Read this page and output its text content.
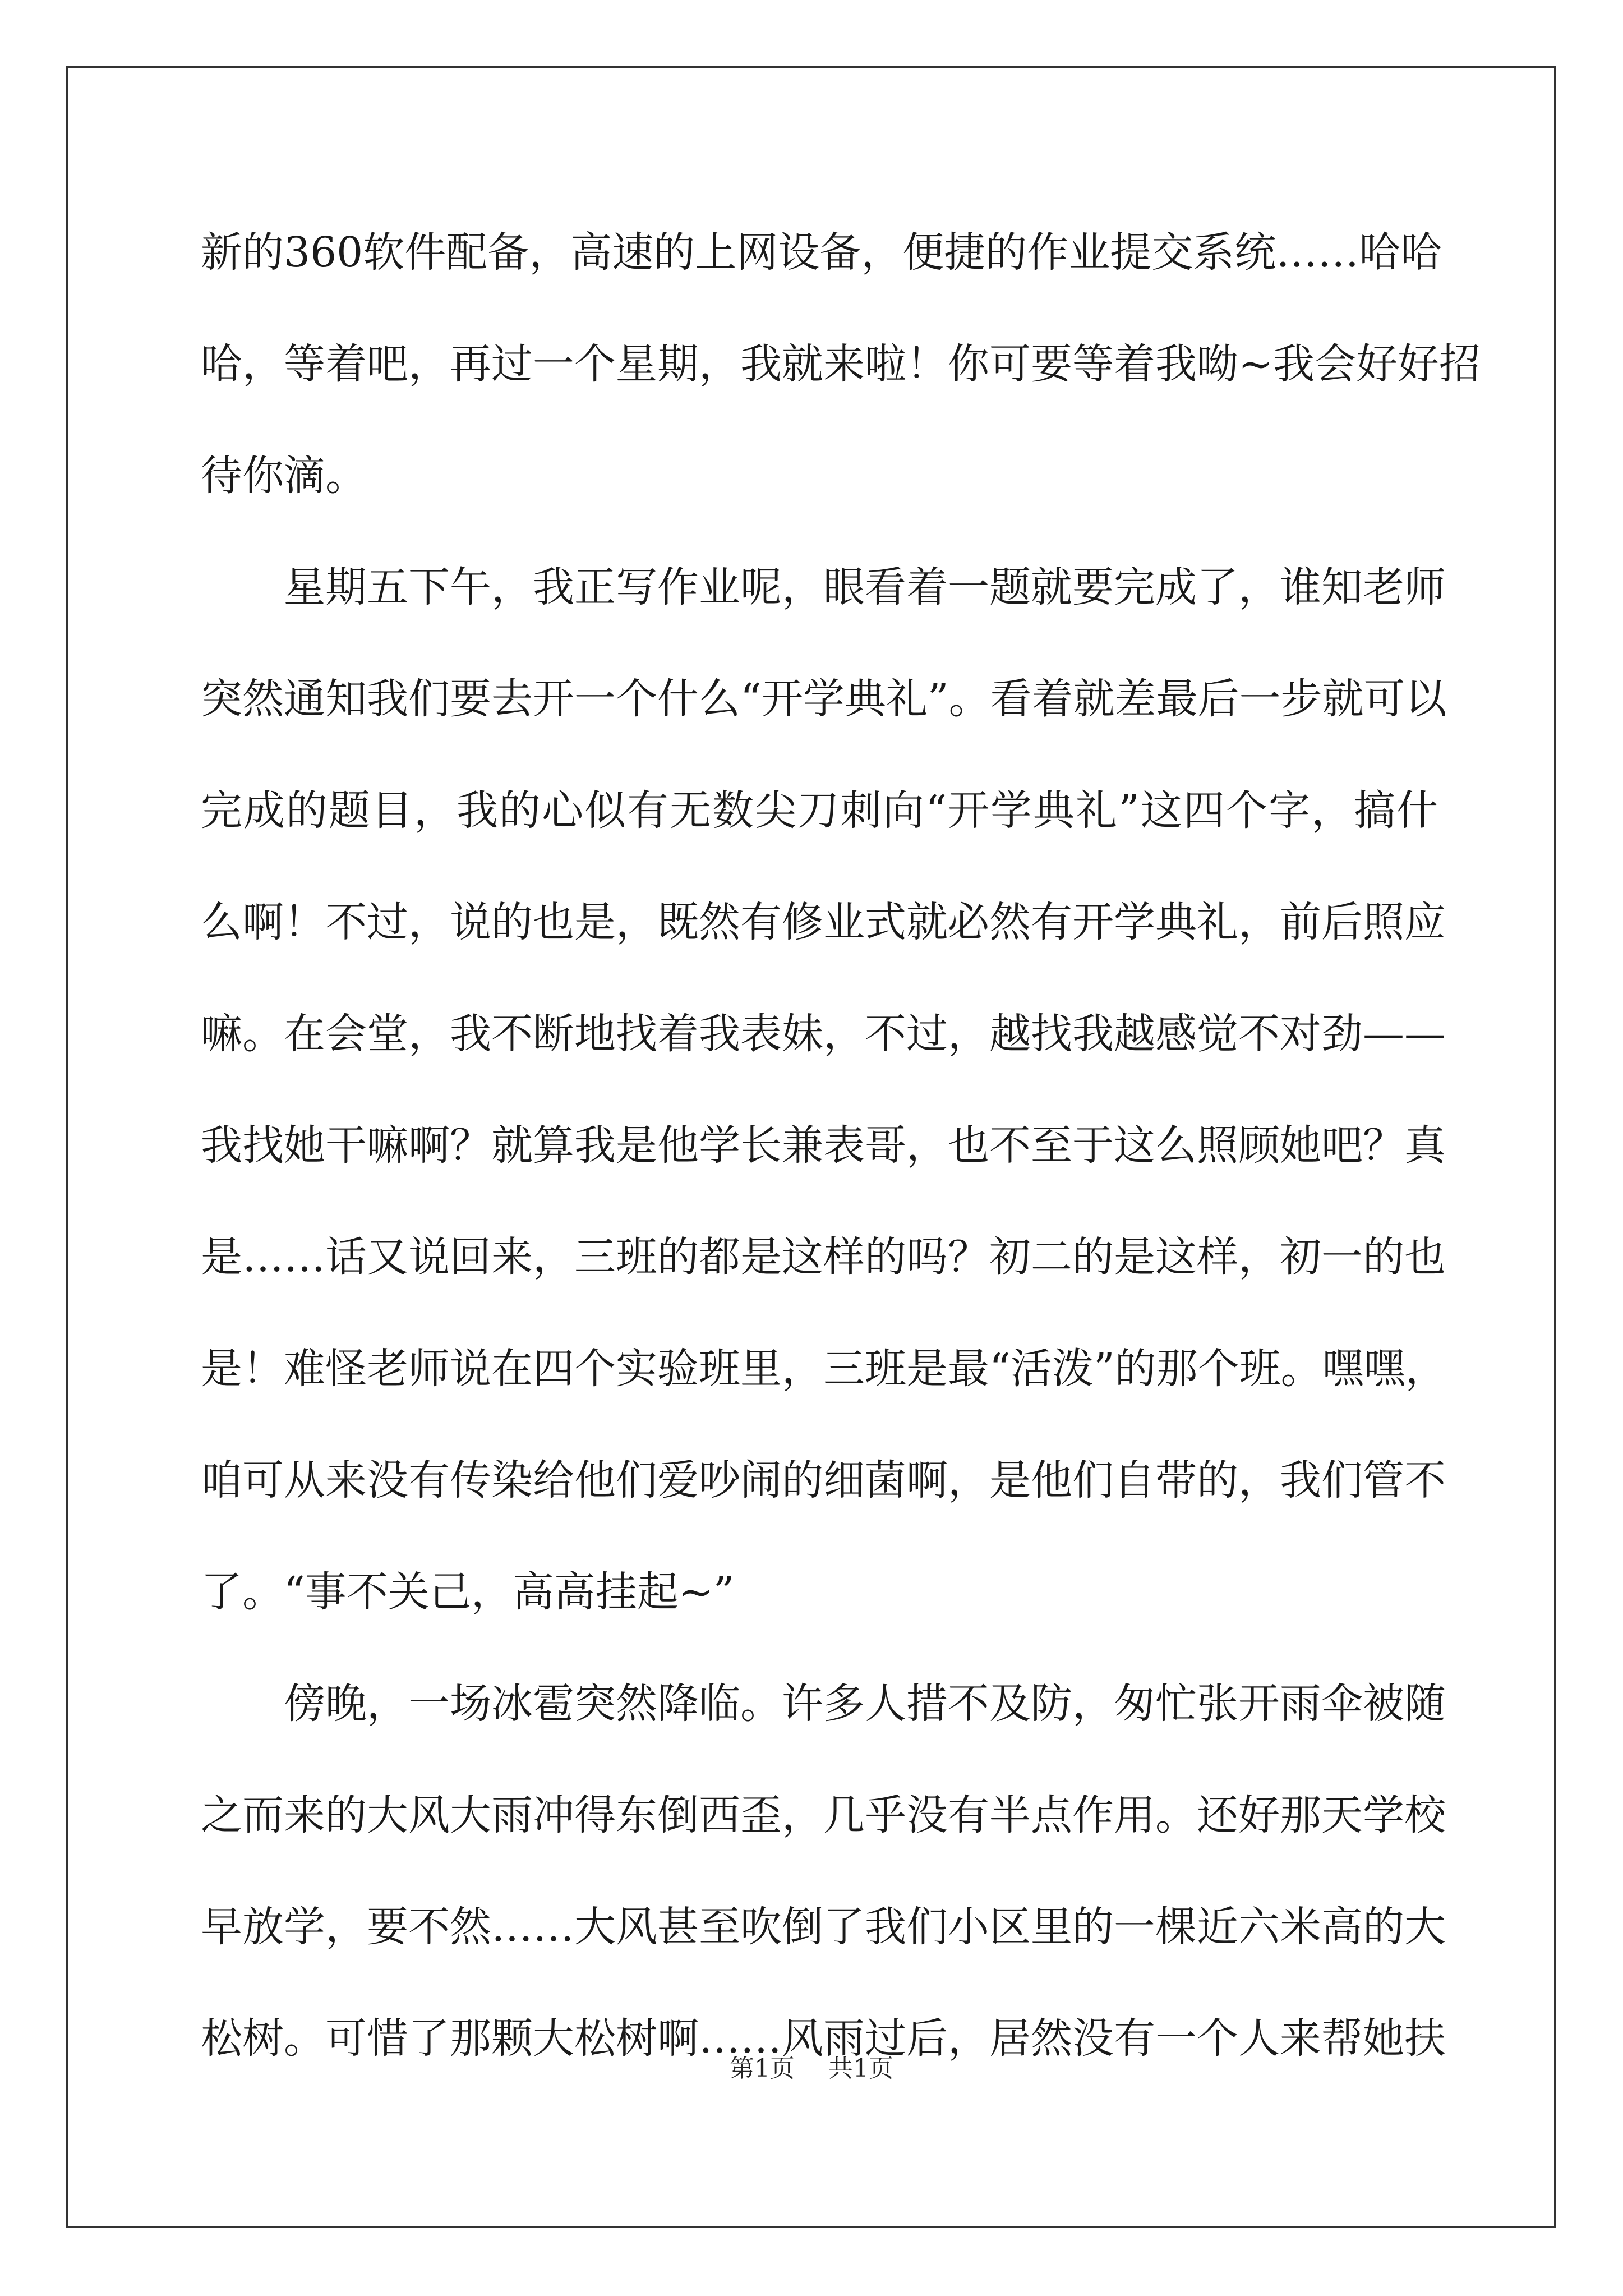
新的360软件配备，高速的上网设备，便捷的作业提交系统……哈哈
哈，等着吧，再过一个星期，我就来啦！你可要等着我呦~我会好好招
待你滴。
星期五下午，我正写作业呢，眼看着一题就要完成了，谁知老师
突然通知我们要去开一个什么“开学典礼”。看着就差最后一步就可以
完成的题目，我的心似有无数尖刀刺向“开学典礼”这四个字，搞什
么啊！不过，说的也是，既然有修业式就必然有开学典礼，前后照应
嘛。在会堂，我不断地找着我表妹，不过，越找我越感觉不对劲——
我找她干嘛啊？就算我是他学长兼表哥，也不至于这么照顾她吧？真
是……话又说回来，三班的都是这样的吗？初二的是这样，初一的也
是！难怪老师说在四个实验班里，三班是最“活泼”的那个班。嘿嘿，
咱可从来没有传染给他们爱吵闹的细菌啊，是他们自带的，我们管不
了。“事不关己，高高挂起~”
傍晚，一场冰雹突然降临。许多人措不及防，匆忙张开雨伞被随
之而来的大风大雨冲得东倒西歪，几乎没有半点作用。还好那天学校
早放学，要不然……大风甚至吹倒了我们小区里的一棵近六米高的大
松树。可惜了那颗大松树啊……风雨过后，居然没有一个人来帮她扶
第1页 共1页
